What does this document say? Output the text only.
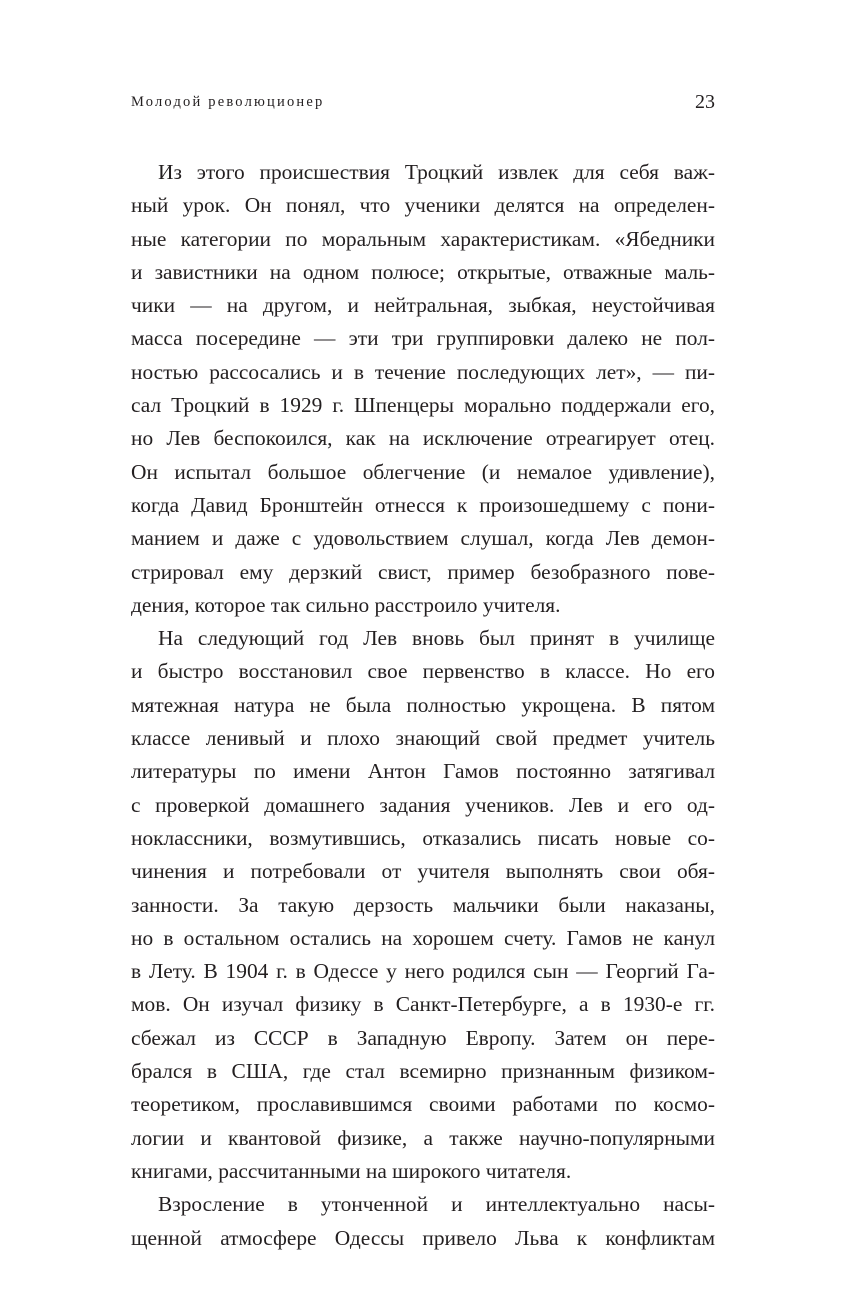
Молодой революционер	23
Из этого происшествия Троцкий извлек для себя важ-
ный урок. Он понял, что ученики делятся на определен-
ные категории по моральным характеристикам. «Ябедники
и завистники на одном полюсе; открытые, отважные маль-
чики — на другом, и нейтральная, зыбкая, неустойчивая
масса посередине — эти три группировки далеко не пол-
ностью рассосались и в течение последующих лет», — пи-
сал Троцкий в 1929 г. Шпенцеры морально поддержали его,
но Лев беспокоился, как на исключение отреагирует отец.
Он испытал большое облегчение (и немалое удивление),
когда Давид Бронштейн отнесся к произошедшему с пони-
манием и даже с удовольствием слушал, когда Лев демон-
стрировал ему дерзкий свист, пример безобразного пове-
дения, которое так сильно расстроило учителя.
На следующий год Лев вновь был принят в училище
и быстро восстановил свое первенство в классе. Но его
мятежная натура не была полностью укрощена. В пятом
классе ленивый и плохо знающий свой предмет учитель
литературы по имени Антон Гамов постоянно затягивал
с проверкой домашнего задания учеников. Лев и его од-
ноклассники, возмутившись, отказались писать новые со-
чинения и потребовали от учителя выполнять свои обя-
занности. За такую дерзость мальчики были наказаны,
но в остальном остались на хорошем счету. Гамов не канул
в Лету. В 1904 г. в Одессе у него родился сын — Георгий Га-
мов. Он изучал физику в Санкт-Петербурге, а в 1930-е гг.
сбежал из СССР в Западную Европу. Затем он пере-
брался в США, где стал всемирно признанным физиком-
теоретиком, прославившимся своими работами по космо-
логии и квантовой физике, а также научно-популярными
книгами, рассчитанными на широкого читателя.
Взросление в утонченной и интеллектуально насы-
щенной атмосфере Одессы привело Льва к конфликтам
